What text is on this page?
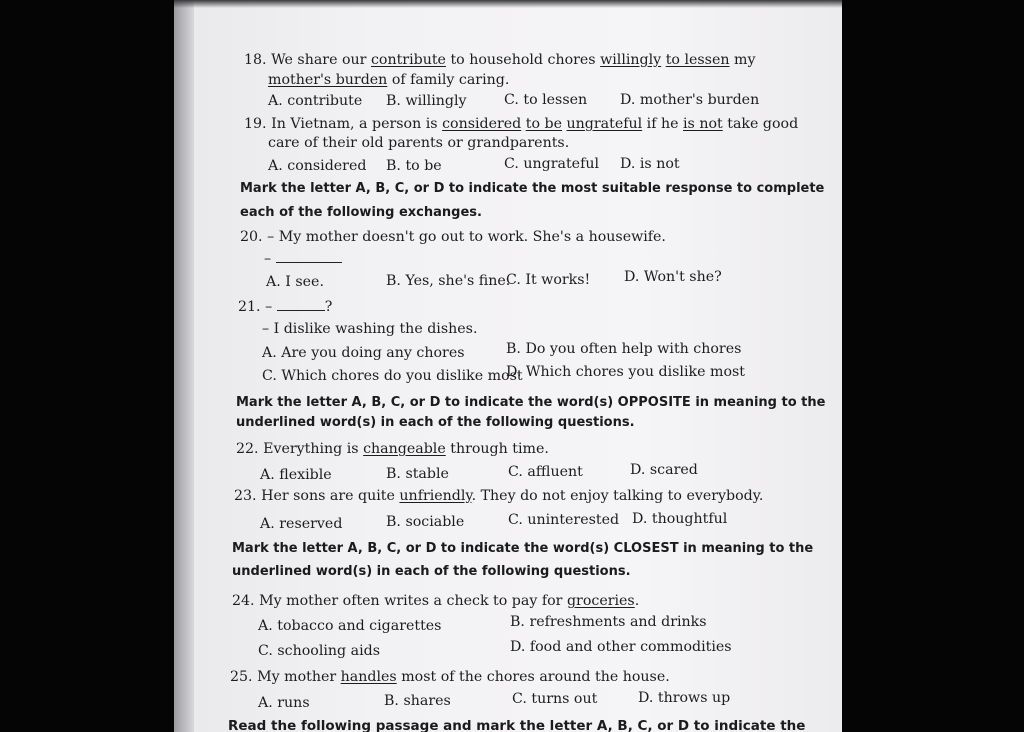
18. We share our contribute to household chores willingly to lessen my
mother's burden of family caring.
A. contribute B. willingly	C. to lessen D. mother's burden
19. In Vietnam, a person is considered to be ungrateful if he is not take good
care of their old parents or grandparents.
A. considered B. to be	C. ungrateful D. is not
Mark the letter A, B, C, or D to indicate the most suitable response to complete
each of the following exchanges.
20. – My mother doesn't go out to work. She's a housewife.
–
A. I see.	B. Yes, she's fine.
C. It works! D. Won't she?
21. –	?
– I dislike washing the dishes.
A. Are you doing any chores	B. Do you often help with chores
C. Which chores do you dislike most
D. Which chores you dislike most
Mark the letter A, B, C, or D to indicate the word(s) OPPOSITE in meaning to the
underlined word(s) in each of the following questions.
22. Everything is changeable through time.
A. flexible	B. stable	C. affluent	D. scared
23. Her sons are quite unfriendly. They do not enjoy talking to everybody.
A. reserved	B. sociable	C. uninterested D. thoughtful
Mark the letter A, B, C, or D to indicate the word(s) CLOSEST in meaning to the
underlined word(s) in each of the following questions.
24. My mother often writes a check to pay for groceries.
A. tobacco and cigarettes	B. refreshments and drinks
C. schooling aids	D. food and other commodities
25. My mother handles most of the chores around the house.
A. runs	B. shares	C. turns out	D. throws up
Read the following passage and mark the letter A, B, C, or D to indicate the
